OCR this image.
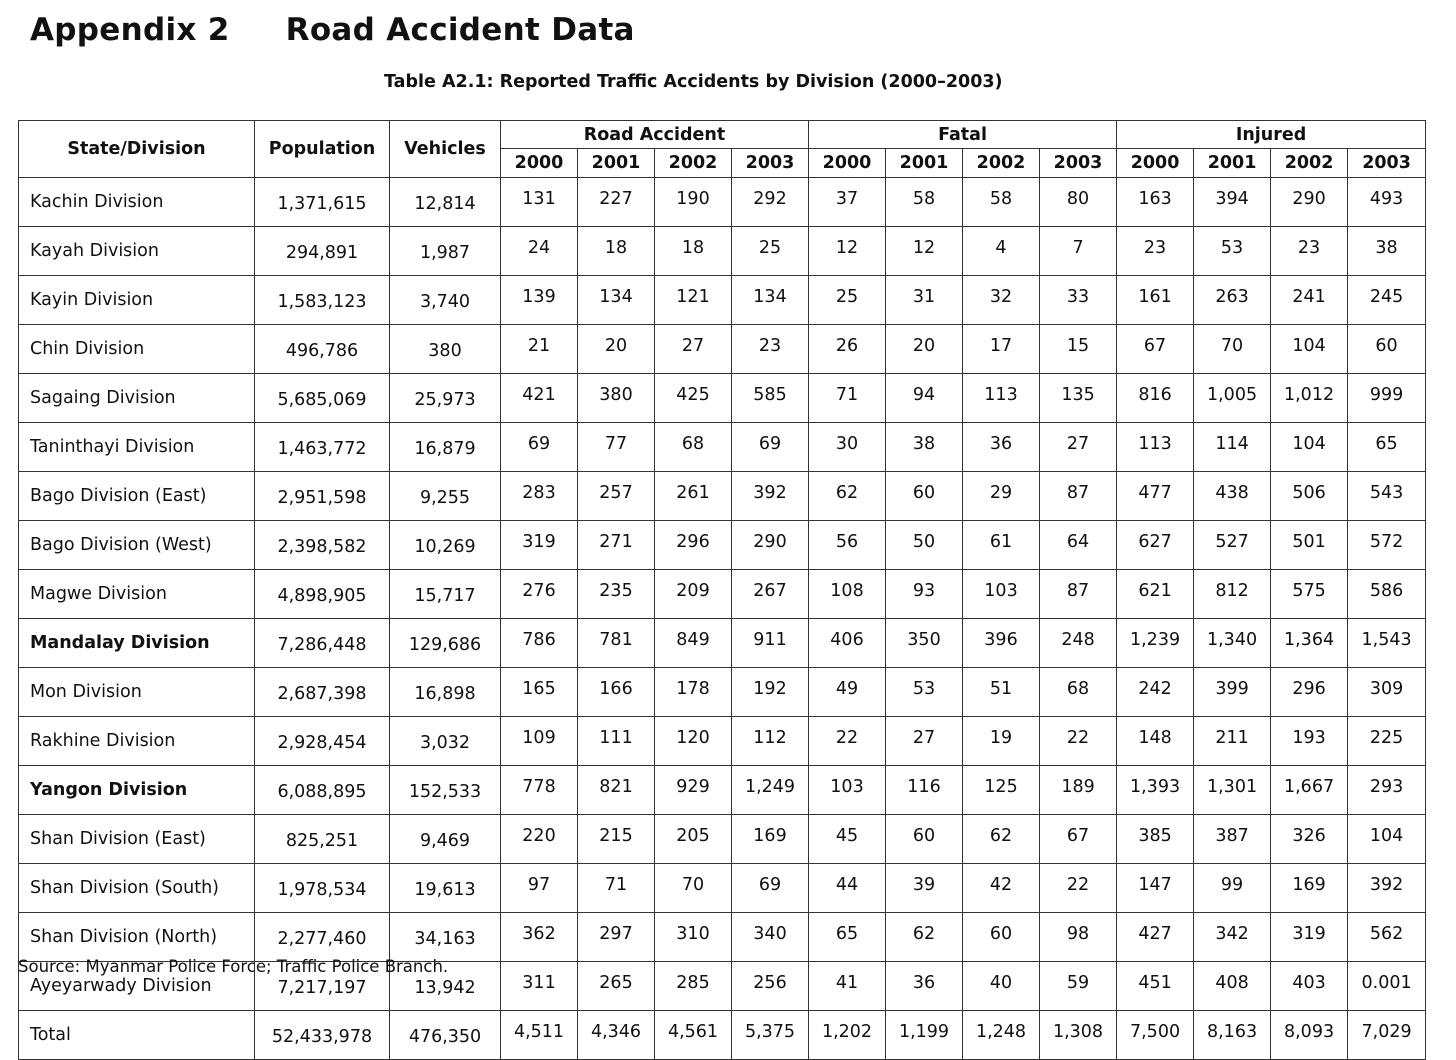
Appendix 2 Road Accident Data
Table A2.1: Reported Traffic Accidents by Division (2000–2003)
State/Division	Population	Vehicles	Road Accident				Fatal				Injured			
			2000	2001	2002	2003	2000	2001	2002	2003	2000	2001	2002	2003
Kachin Division	1,371,615	12,814	131	227	190	292	37	58	58	80	163	394	290	493
Kayah Division	294,891	1,987	24	18	18	25	12	12	4	7	23	53	23	38
Kayin Division	1,583,123	3,740	139	134	121	134	25	31	32	33	161	263	241	245
Chin Division	496,786	380	21	20	27	23	26	20	17	15	67	70	104	60
Sagaing Division	5,685,069	25,973	421	380	425	585	71	94	113	135	816	1,005	1,012	999
Taninthayi Division	1,463,772	16,879	69	77	68	69	30	38	36	27	113	114	104	65
Bago Division (East)	2,951,598	9,255	283	257	261	392	62	60	29	87	477	438	506	543
Bago Division (West)	2,398,582	10,269	319	271	296	290	56	50	61	64	627	527	501	572
Magwe Division	4,898,905	15,717	276	235	209	267	108	93	103	87	621	812	575	586
Mandalay Division	7,286,448	129,686	786	781	849	911	406	350	396	248	1,239	1,340	1,364	1,543
Mon Division	2,687,398	16,898	165	166	178	192	49	53	51	68	242	399	296	309
Rakhine Division	2,928,454	3,032	109	111	120	112	22	27	19	22	148	211	193	225
Yangon Division	6,088,895	152,533	778	821	929	1,249	103	116	125	189	1,393	1,301	1,667	293
Shan Division (East)	825,251	9,469	220	215	205	169	45	60	62	67	385	387	326	104
Shan Division (South)	1,978,534	19,613	97	71	70	69	44	39	42	22	147	99	169	392
Shan Division (North)	2,277,460	34,163	362	297	310	340	65	62	60	98	427	342	319	562
Ayeyarwady Division	7,217,197	13,942	311	265	285	256	41	36	40	59	451	408	403	0.001
Total	52,433,978	476,350	4,511	4,346	4,561	5,375	1,202	1,199	1,248	1,308	7,500	8,163	8,093	7,029
Source: Myanmar Police Force; Traffic Police Branch.
